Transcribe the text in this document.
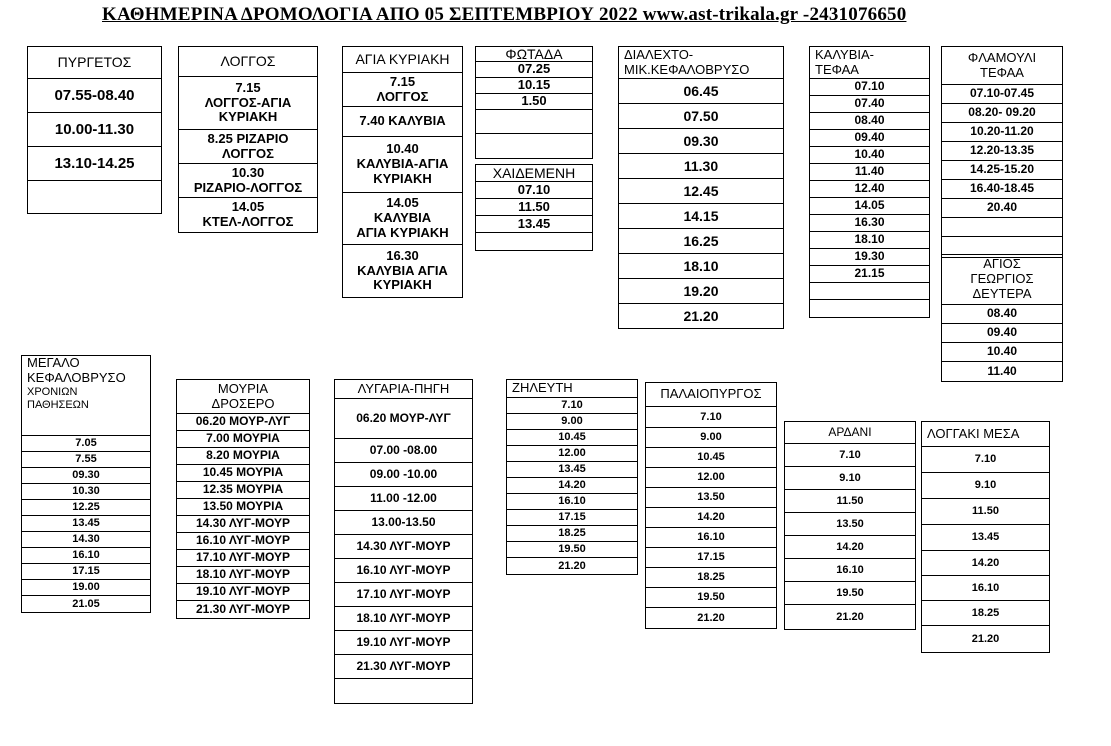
ΚΑΘΗΜΕΡΙΝΑ ΔΡΟΜΟΛΟΓΙΑ ΑΠΟ 05 ΣΕΠΤΕΜΒΡΙΟΥ 2022 www.ast-trikala.gr -2431076650
ΠΥΡΓΕΤΟΣ
07.55-08.40
10.00-11.30
13.10-14.25
ΛΟΓΓΟΣ
7.15
ΛΟΓΓΟΣ-ΑΓΙΑ
ΚΥΡΙΑΚΗ
8.25 ΡΙΖΑΡΙΟ
ΛΟΓΓΟΣ
10.30
ΡΙΖΑΡΙΟ-ΛΟΓΓΟΣ
14.05
ΚΤΕΛ-ΛΟΓΓΟΣ
ΑΓΙΑ ΚΥΡΙΑΚΗ
7.15
ΛΟΓΓΟΣ
7.40 ΚΑΛΥΒΙΑ
10.40
ΚΑΛΥΒΙΑ-ΑΓΙΑ
ΚΥΡΙΑΚΗ
14.05
ΚΑΛΥΒΙΑ
ΑΓΙΑ ΚΥΡΙΑΚΗ
16.30
ΚΑΛΥΒΙΑ ΑΓΙΑ
ΚΥΡΙΑΚΗ
ΦΩΤΑΔΑ
07.25
10.15
1.50
ΧΑΙΔΕΜΕΝΗ
07.10
11.50
13.45
ΔΙΑΛΕΧΤΟ-
ΜΙΚ.ΚΕΦΑΛΟΒΡΥΣΟ
06.45
07.50
09.30
11.30
12.45
14.15
16.25
18.10
19.20
21.20
ΚΑΛΥΒΙΑ-
ΤΕΦΑΑ
07.10
07.40
08.40
09.40
10.40
11.40
12.40
14.05
16.30
18.10
19.30
21.15
ΦΛΑΜΟΥΛΙ
ΤΕΦΑΑ
07.10-07.45
08.20- 09.20
10.20-11.20
12.20-13.35
14.25-15.20
16.40-18.45
20.40
ΑΓΙΟΣ
ΓΕΩΡΓΙΟΣ
ΔΕΥΤΕΡΑ
08.40
09.40
10.40
11.40
ΜΕΓΑΛΟ
ΚΕΦΑΛΟΒΡΥΣΟ
ΧΡΟΝΙΩΝ
ΠΑΘΗΣΕΩΝ
7.05
7.55
09.30
10.30
12.25
13.45
14.30
16.10
17.15
19.00
21.05
ΜΟΥΡΙΑ
ΔΡΟΣΕΡΟ
06.20 ΜΟΥΡ-ΛΥΓ
7.00 ΜΟΥΡΙΑ
8.20 ΜΟΥΡΙΑ
10.45 ΜΟΥΡΙΑ
12.35 ΜΟΥΡΙΑ
13.50 ΜΟΥΡΙΑ
14.30 ΛΥΓ-ΜΟΥΡ
16.10 ΛΥΓ-ΜΟΥΡ
17.10 ΛΥΓ-ΜΟΥΡ
18.10 ΛΥΓ-ΜΟΥΡ
19.10 ΛΥΓ-ΜΟΥΡ
21.30 ΛΥΓ-ΜΟΥΡ
ΛΥΓΑΡΙΑ-ΠΗΓΗ
06.20 ΜΟΥΡ-ΛΥΓ
07.00 -08.00
09.00 -10.00
11.00 -12.00
13.00-13.50
14.30 ΛΥΓ-ΜΟΥΡ
16.10 ΛΥΓ-ΜΟΥΡ
17.10 ΛΥΓ-ΜΟΥΡ
18.10 ΛΥΓ-ΜΟΥΡ
19.10 ΛΥΓ-ΜΟΥΡ
21.30 ΛΥΓ-ΜΟΥΡ
ΖΗΛΕΥΤΗ
7.10
9.00
10.45
12.00
13.45
14.20
16.10
17.15
18.25
19.50
21.20
ΠΑΛΑΙΟΠΥΡΓΟΣ
7.10
9.00
10.45
12.00
13.50
14.20
16.10
17.15
18.25
19.50
21.20
ΑΡΔΑΝΙ
7.10
9.10
11.50
13.50
14.20
16.10
19.50
21.20
ΛΟΓΓΑΚΙ ΜΕΣΑ
7.10
9.10
11.50
13.45
14.20
16.10
18.25
21.20
